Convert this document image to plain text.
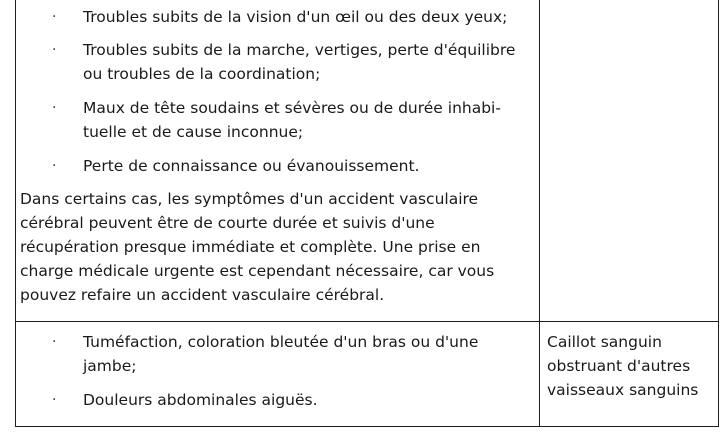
· Troubles subits de la vision d'un œil ou des deux yeux;
· Troubles subits de la marche, vertiges, perte d'équilibre ou troubles de la coordination;
· Maux de tête soudains et sévères ou de durée inhabi-tuelle et de cause inconnue;
· Perte de connaissance ou évanouissement.
Dans certains cas, les symptômes d'un accident vasculaire cérébral peuvent être de courte durée et suivis d'une récupération presque immédiate et complète. Une prise en charge médicale urgente est cependant nécessaire, car vous pouvez refaire un accident vasculaire cérébral.
· Tuméfaction, coloration bleutée d'un bras ou d'une jambe;
· Douleurs abdominales aiguës.
Caillot sanguin obstruant d'autres vaisseaux sanguins
